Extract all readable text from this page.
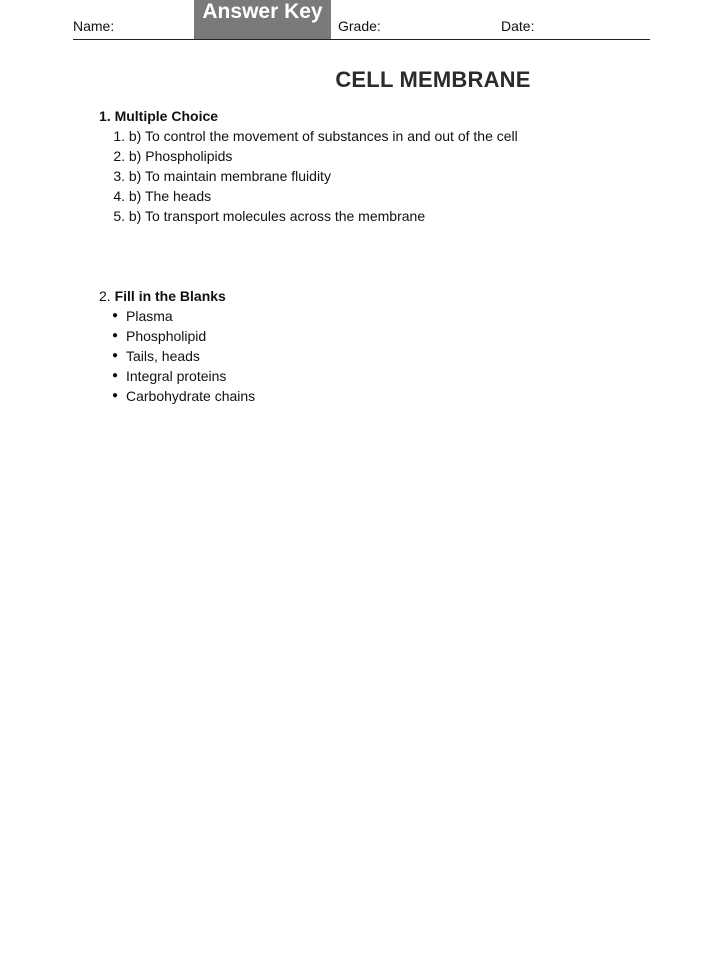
Name:
Answer Key
Grade:	Date:
CELL MEMBRANE
1. Multiple Choice
1. b) To control the movement of substances in and out of the cell
2. b) Phospholipids
3. b) To maintain membrane fluidity
4. b) The heads
5. b) To transport molecules across the membrane
2. Fill in the Blanks
● Plasma
● Phospholipid
● Tails, heads
● Integral proteins
● Carbohydrate chains
